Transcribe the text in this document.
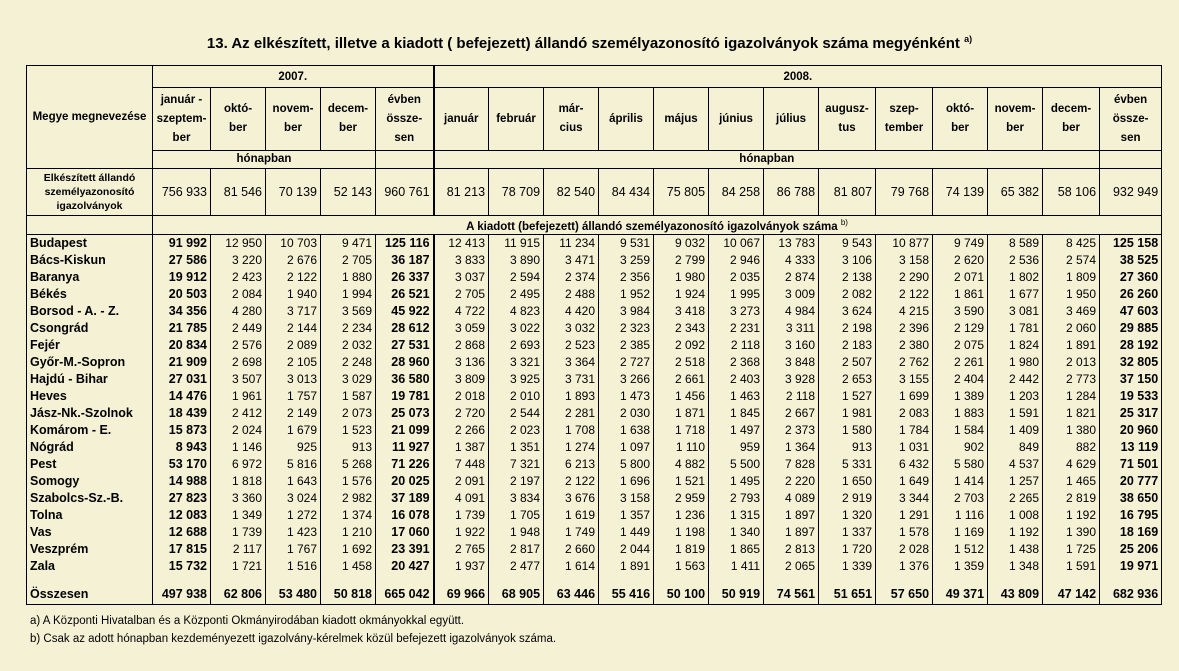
13. Az elkészített, illetve a kiadott ( befejezett) állandó személyazonosító igazolványok száma megyénként $^{a)}$
Megye megnevezése	2007.					2008.												
	január - szeptem- ber	októ- ber	novem- ber	decem- ber	évben össze- sen	január	február	már- cius	április	május	június	július	augusz- tus	szep- tember	októ- ber	novem- ber	decem- ber	évben össze- sen
	hónapban					hónapban												
Elkészített állandó személyazonosító igazolványok	756 933	81 546	70 139	52 143	960 761	81 213	78 709	82 540	84 434	75 805	84 258	86 788	81 807	79 768	74 139	65 382	58 106	932 949
	A kiadott (befejezett) állandó személyazonosító igazolványok száma $^{b)}$
Budapest	91 992	12 950	10 703	9 471	125 116	12 413	11 915	11 234	9 531	9 032	10 067	13 783	9 543	10 877	9 749	8 589	8 425	125 158
Bács-Kiskun	27 586	3 220	2 676	2 705	36 187	3 833	3 890	3 471	3 259	2 799	2 946	4 333	3 106	3 158	2 620	2 536	2 574	38 525
Baranya	19 912	2 423	2 122	1 880	26 337	3 037	2 594	2 374	2 356	1 980	2 035	2 874	2 138	2 290	2 071	1 802	1 809	27 360
Békés	20 503	2 084	1 940	1 994	26 521	2 705	2 495	2 488	1 952	1 924	1 995	3 009	2 082	2 122	1 861	1 677	1 950	26 260
Borsod - A. - Z.	34 356	4 280	3 717	3 569	45 922	4 722	4 823	4 420	3 984	3 418	3 273	4 984	3 624	4 215	3 590	3 081	3 469	47 603
Csongrád	21 785	2 449	2 144	2 234	28 612	3 059	3 022	3 032	2 323	2 343	2 231	3 311	2 198	2 396	2 129	1 781	2 060	29 885
Fejér	20 834	2 576	2 089	2 032	27 531	2 868	2 693	2 523	2 385	2 092	2 118	3 160	2 183	2 380	2 075	1 824	1 891	28 192
Győr-M.-Sopron	21 909	2 698	2 105	2 248	28 960	3 136	3 321	3 364	2 727	2 518	2 368	3 848	2 507	2 762	2 261	1 980	2 013	32 805
Hajdú - Bihar	27 031	3 507	3 013	3 029	36 580	3 809	3 925	3 731	3 266	2 661	2 403	3 928	2 653	3 155	2 404	2 442	2 773	37 150
Heves	14 476	1 961	1 757	1 587	19 781	2 018	2 010	1 893	1 473	1 456	1 463	2 118	1 527	1 699	1 389	1 203	1 284	19 533
Jász-Nk.-Szolnok	18 439	2 412	2 149	2 073	25 073	2 720	2 544	2 281	2 030	1 871	1 845	2 667	1 981	2 083	1 883	1 591	1 821	25 317
Komárom - E.	15 873	2 024	1 679	1 523	21 099	2 266	2 023	1 708	1 638	1 718	1 497	2 373	1 580	1 784	1 584	1 409	1 380	20 960
Nógrád	8 943	1 146	925	913	11 927	1 387	1 351	1 274	1 097	1 110	959	1 364	913	1 031	902	849	882	13 119
Pest	53 170	6 972	5 816	5 268	71 226	7 448	7 321	6 213	5 800	4 882	5 500	7 828	5 331	6 432	5 580	4 537	4 629	71 501
Somogy	14 988	1 818	1 643	1 576	20 025	2 091	2 197	2 122	1 696	1 521	1 495	2 220	1 650	1 649	1 414	1 257	1 465	20 777
Szabolcs-Sz.-B.	27 823	3 360	3 024	2 982	37 189	4 091	3 834	3 676	3 158	2 959	2 793	4 089	2 919	3 344	2 703	2 265	2 819	38 650
Tolna	12 083	1 349	1 272	1 374	16 078	1 739	1 705	1 619	1 357	1 236	1 315	1 897	1 320	1 291	1 116	1 008	1 192	16 795
Vas	12 688	1 739	1 423	1 210	17 060	1 922	1 948	1 749	1 449	1 198	1 340	1 897	1 337	1 578	1 169	1 192	1 390	18 169
Veszprém	17 815	2 117	1 767	1 692	23 391	2 765	2 817	2 660	2 044	1 819	1 865	2 813	1 720	2 028	1 512	1 438	1 725	25 206
Zala	15 732	1 721	1 516	1 458	20 427	1 937	2 477	1 614	1 891	1 563	1 411	2 065	1 339	1 376	1 359	1 348	1 591	19 971

Összesen	497 938	62 806	53 480	50 818	665 042	69 966	68 905	63 446	55 416	50 100	50 919	74 561	51 651	57 650	49 371	43 809	47 142	682 936
a) A Központi Hivatalban és a Központi Okmányirodában kiadott okmányokkal együtt.
b) Csak az adott hónapban kezdeményezett igazolvány-kérelmek közül befejezett igazolványok száma.
